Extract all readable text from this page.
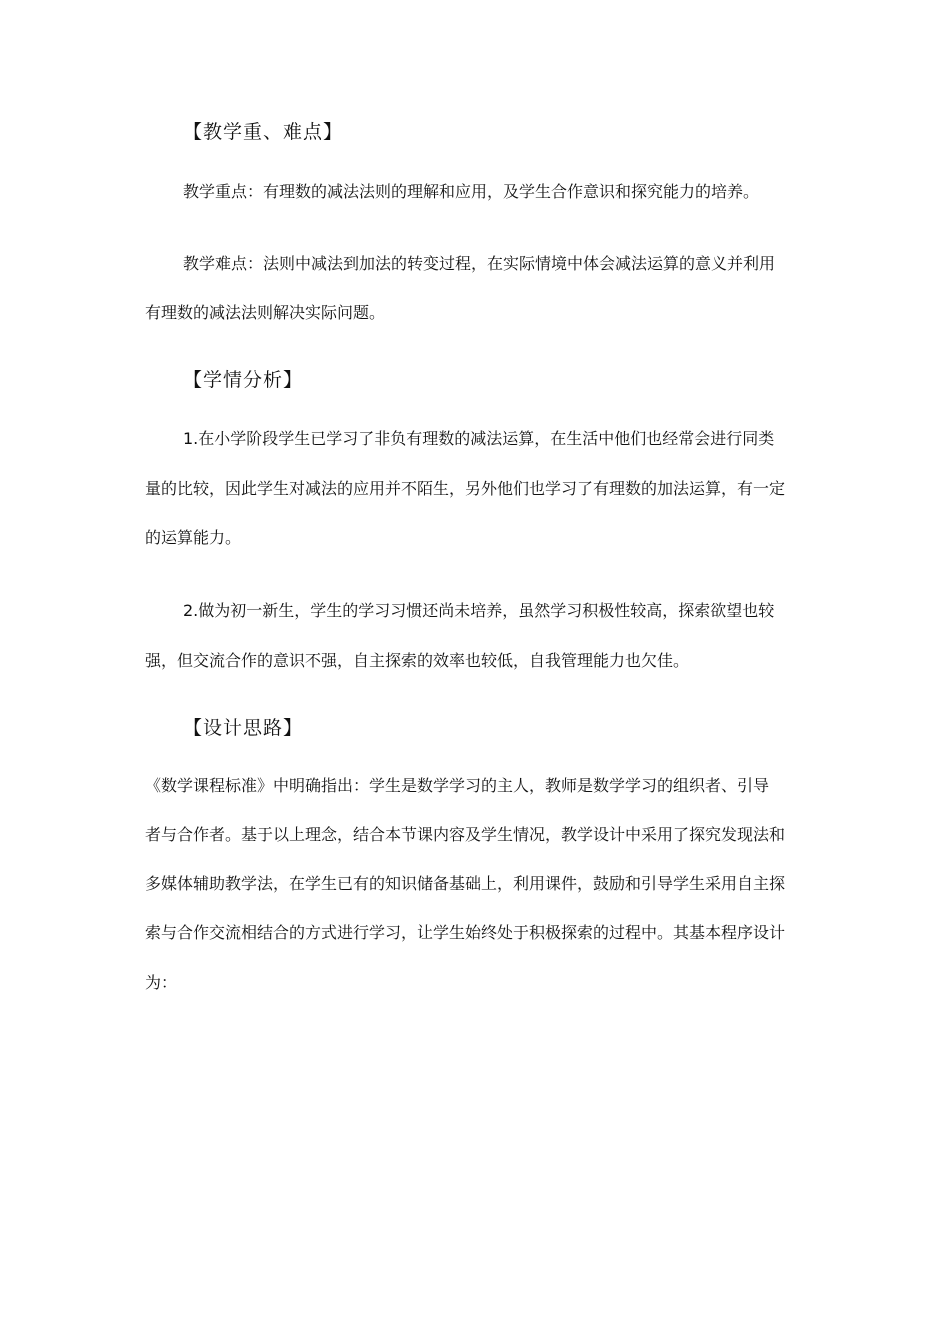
【教学重、难点】
教学重点：有理数的减法法则的理解和应用，及学生合作意识和探究能力的培养。
教学难点：法则中减法到加法的转变过程，在实际情境中体会减法运算的意义并利用
有理数的减法法则解决实际问题。
【学情分析】
1.在小学阶段学生已学习了非负有理数的减法运算，在生活中他们也经常会进行同类
量的比较，因此学生对减法的应用并不陌生，另外他们也学习了有理数的加法运算，有一定
的运算能力。
2.做为初一新生，学生的学习习惯还尚未培养，虽然学习积极性较高，探索欲望也较
强，但交流合作的意识不强，自主探索的效率也较低，自我管理能力也欠佳。
【设计思路】
《数学课程标准》中明确指出：学生是数学学习的主人，教师是数学学习的组织者、引导
者与合作者。基于以上理念，结合本节课内容及学生情况，教学设计中采用了探究发现法和
多媒体辅助教学法，在学生已有的知识储备基础上，利用课件，鼓励和引导学生采用自主探
索与合作交流相结合的方式进行学习，让学生始终处于积极探索的过程中。其基本程序设计
为：
